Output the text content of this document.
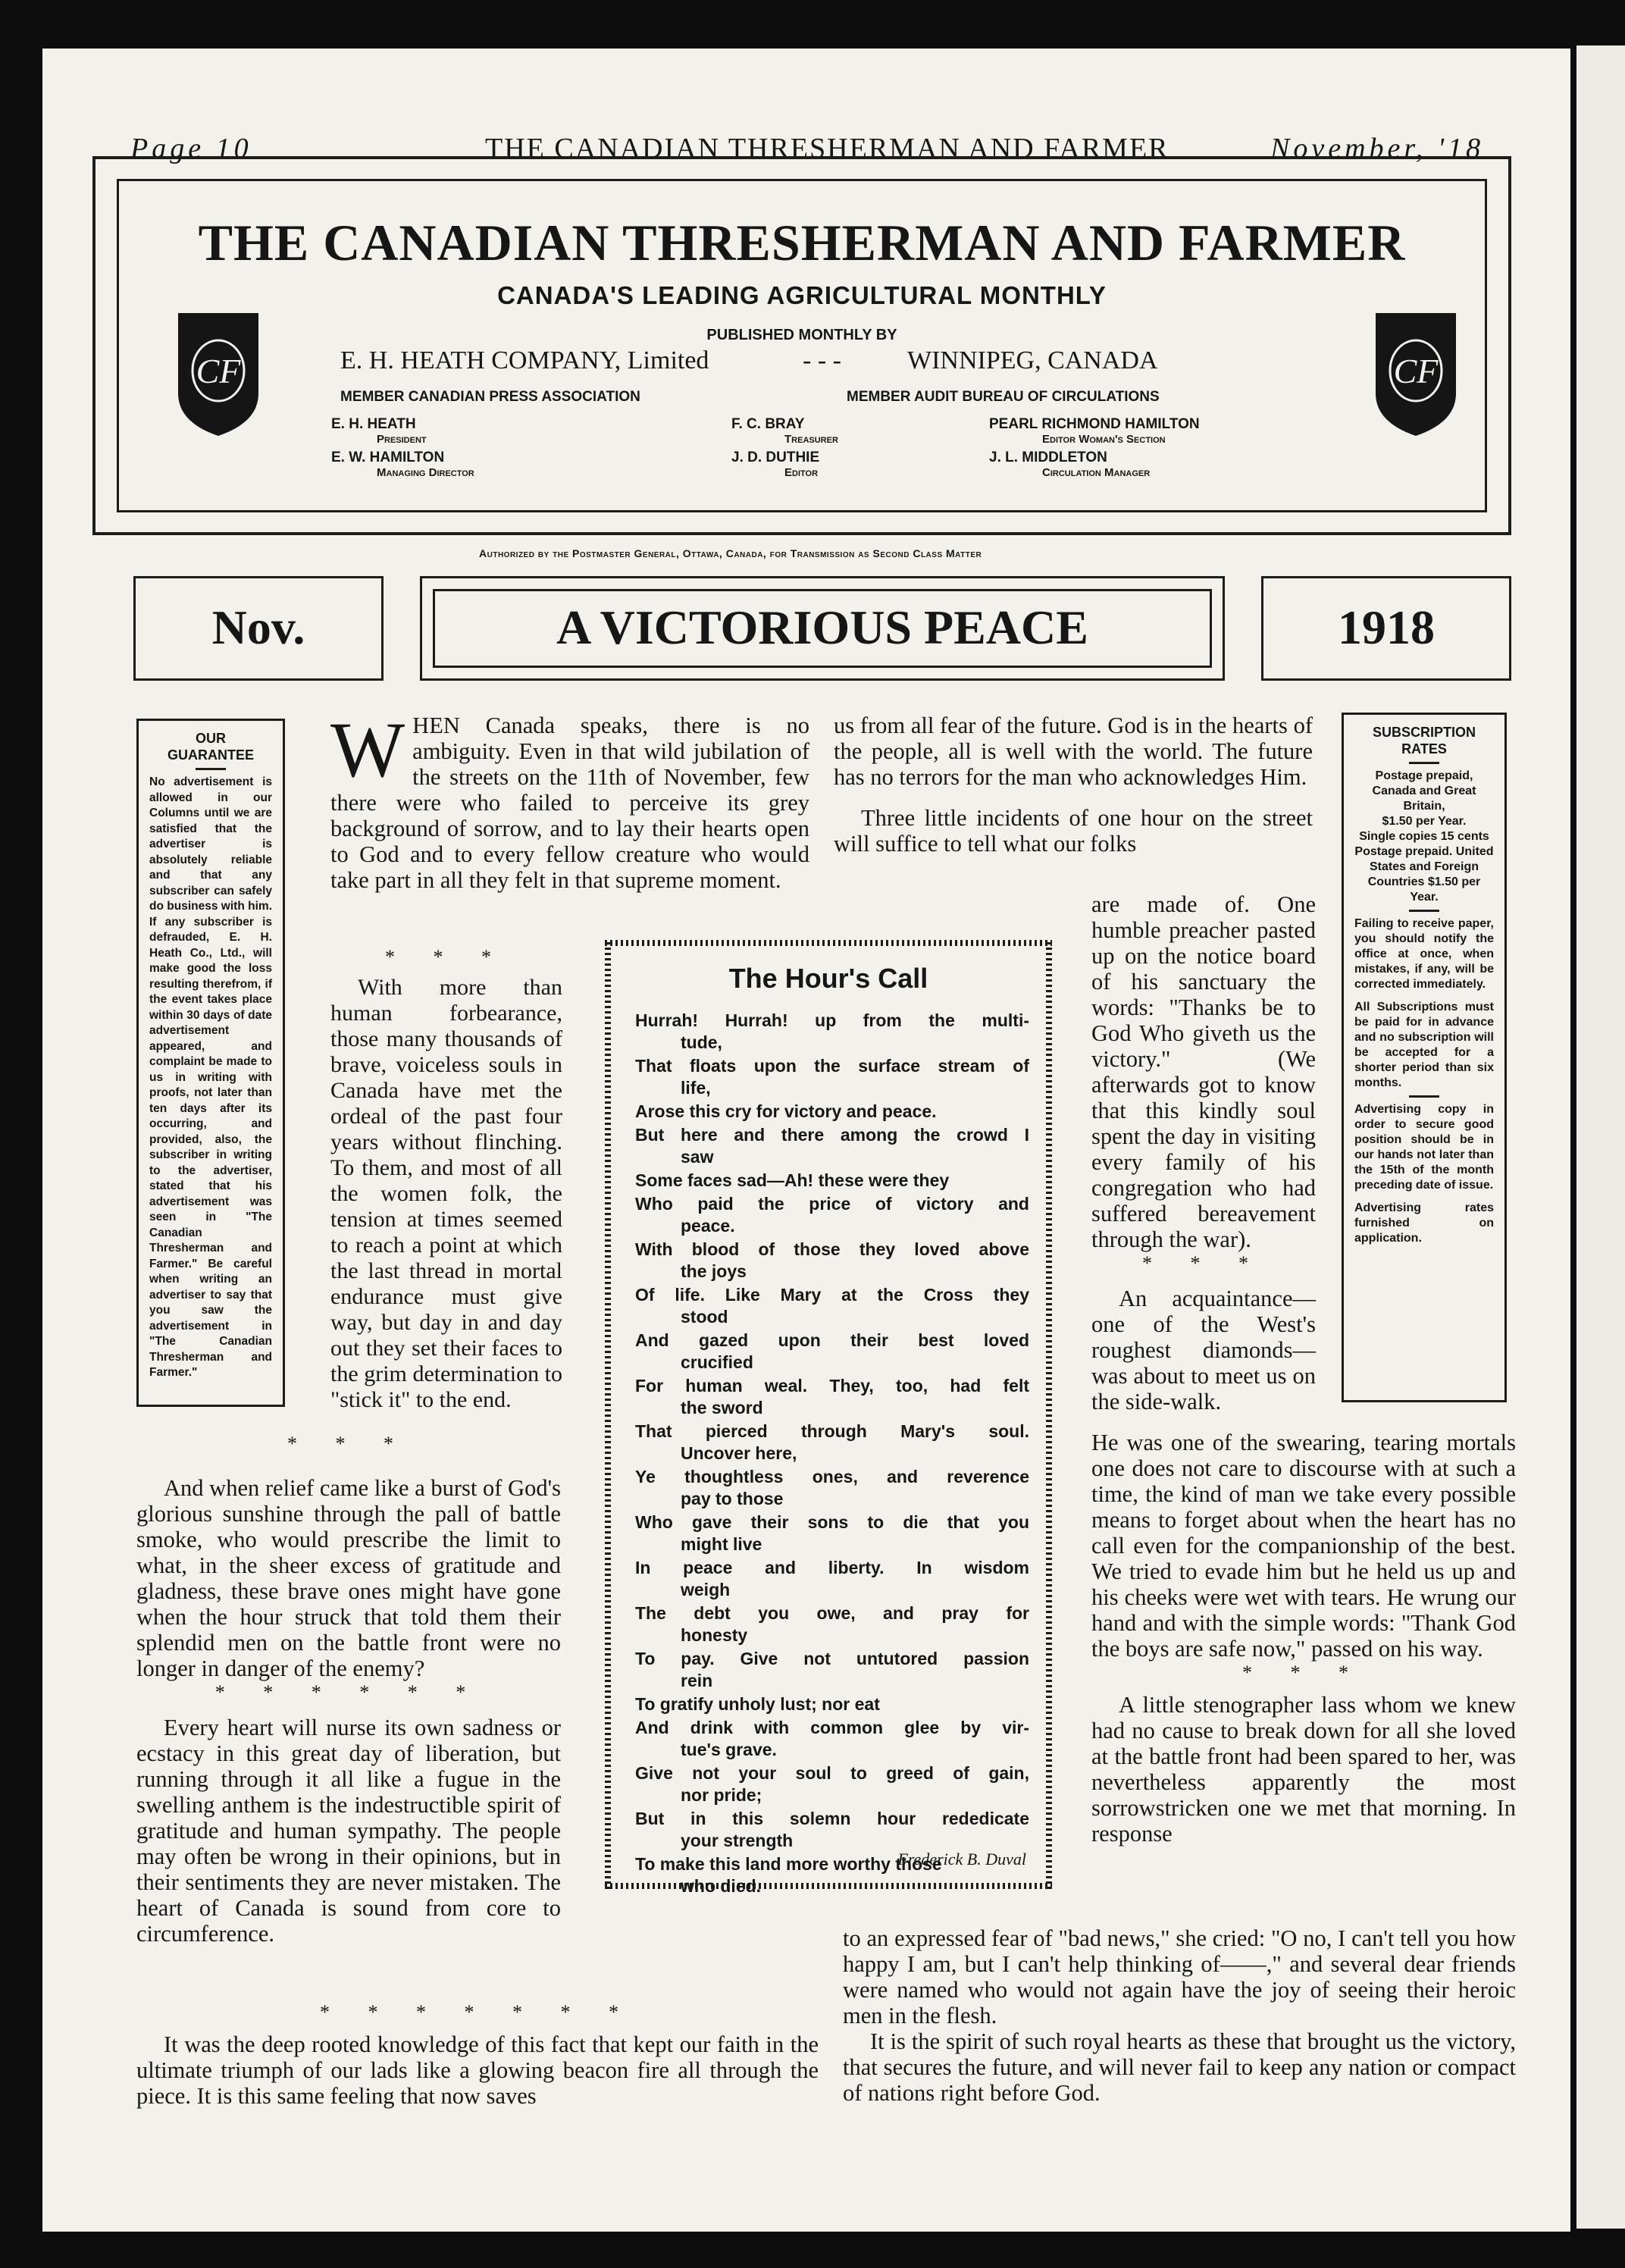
Page 10	THE CANADIAN THRESHERMAN AND FARMER	November, '18
THE CANADIAN THRESHERMAN AND FARMER
CANADA'S LEADING AGRICULTURAL MONTHLY
PUBLISHED MONTHLY BY
E. H. HEATH COMPANY, Limited	- - -	WINNIPEG, CANADA
MEMBER CANADIAN PRESS ASSOCIATION	MEMBER AUDIT BUREAU OF CIRCULATIONS
E. H. HEATH
President
E. W. HAMILTON
Managing Director
F. C. BRAY
Treasurer
J. D. DUTHIE
Editor
PEARL RICHMOND HAMILTON
Editor Woman's Section
J. L. MIDDLETON
Circulation Manager
CF	CF
Authorized by the Postmaster General, Ottawa, Canada, for Transmission as Second Class Matter
Nov.	A VICTORIOUS PEACE	1918
OUR
GUARANTEE
No advertisement is allowed in our Columns until we are satisfied that the advertiser is absolutely reliable and that any subscriber can safely do business with him. If any subscriber is defrauded, E. H. Heath Co., Ltd., will make good the loss resulting therefrom, if the event takes place within 30 days of date advertisement appeared, and complaint be made to us in writing with proofs, not later than ten days after its occurring, and provided, also, the subscriber in writing to the advertiser, stated that his advertisement was seen in "The Canadian Thresherman and Farmer." Be careful when writing an advertiser to say that you saw the advertisement in "The Canadian Thresherman and Farmer."
SUBSCRIPTION
RATES
Postage prepaid, Canada and Great Britain,
$1.50 per Year.
Single copies 15 cents
Postage prepaid. United States and Foreign Countries $1.50 per Year.
Failing to receive paper, you should notify the office at once, when mistakes, if any, will be corrected immediately.
All Subscriptions must be paid for in advance and no subscription will be accepted for a shorter period than six months.
Advertising copy in order to secure good position should be in our hands not later than the 15th of the month preceding date of issue.
Advertising rates furnished on application.
W HEN Canada speaks, there is no ambiguity. Even in that wild jubilation of the streets on the 11th of November, few there were who failed to perceive its grey background of sorrow, and to lay their hearts open to God and to every fellow creature who would take part in all they felt in that supreme moment.

* * *

With more than human forbearance, those many thousands of brave, voiceless souls in Canada have met the ordeal of the past four years without flinching. To them, and most of all the women folk, the tension at times seemed to reach a point at which the last thread in mortal endurance must give way, but day in and day out they set their faces to the grim determination to "stick it" to the end.

* * *

And when relief came like a burst of God's glorious sunshine through the pall of battle smoke, who would prescribe the limit to what, in the sheer excess of gratitude and gladness, these brave ones might have gone when the hour struck that told them their splendid men on the battle front were no longer in danger of the enemy?

* * * * * *

Every heart will nurse its own sadness or ecstacy in this great day of liberation, but running through it all like a fugue in the swelling anthem is the indestructible spirit of gratitude and human sympathy. The people may often be wrong in their opinions, but in their sentiments they are never mistaken. The heart of Canada is sound from core to circumference.

* * * * * * *

It was the deep rooted knowledge of this fact that kept our faith in the ultimate triumph of our lads like a glowing beacon fire all through the piece. It is this same feeling that now saves

us from all fear of the future. God is in the hearts of the people, all is well with the world. The future has no terrors for the man who acknowledges Him.

Three little incidents of one hour on the street will suffice to tell what our folks

are made of. One humble preacher pasted up on the notice board of his sanctuary the words: "Thanks be to God Who giveth us the victory." (We afterwards got to know that this kindly soul spent the day in visiting every family of his congregation who had suffered bereavement through the war).

* * *

An acquaintance—one of the West's roughest diamonds—was about to meet us on the side-walk.

He was one of the swearing, tearing mortals one does not care to discourse with at such a time, the kind of man we take every possible means to forget about when the heart has no call even for the companionship of the best. We tried to evade him but he held us up and his cheeks were wet with tears. He wrung our hand and with the simple words: "Thank God the boys are safe now," passed on his way.

* * *

A little stenographer lass whom we knew had no cause to break down for all she loved at the battle front had been spared to her, was nevertheless apparently the most sorrowstricken one we met that morning. In response

to an expressed fear of "bad news," she cried: "O no, I can't tell you how happy I am, but I can't help thinking of——," and several dear friends were named who would not again have the joy of seeing their heroic men in the flesh.

It is the spirit of such royal hearts as these that brought us the victory, that secures the future, and will never fail to keep any nation or compact of nations right before God.

The Hour's Call
Hurrah! Hurrah! up from the multi-
tude,
That floats upon the surface stream of
life,
Arose this cry for victory and peace.
But here and there among the crowd I
saw
Some faces sad—Ah! these were they
Who paid the price of victory and
peace.
With blood of those they loved above
the joys
Of life. Like Mary at the Cross they
stood
And gazed upon their best loved
crucified
For human weal. They, too, had felt
the sword
That pierced through Mary's soul.
Uncover here,
Ye thoughtless ones, and reverence
pay to those
Who gave their sons to die that you
might live
In peace and liberty. In wisdom
weigh
The debt you owe, and pray for
honesty
To pay. Give not untutored passion
rein
To gratify unholy lust; nor eat
And drink with common glee by vir-
tue's grave.
Give not your soul to greed of gain,
nor pride;
But in this solemn hour rededicate
your strength
To make this land more worthy those
who died.
Frederick B. Duval
